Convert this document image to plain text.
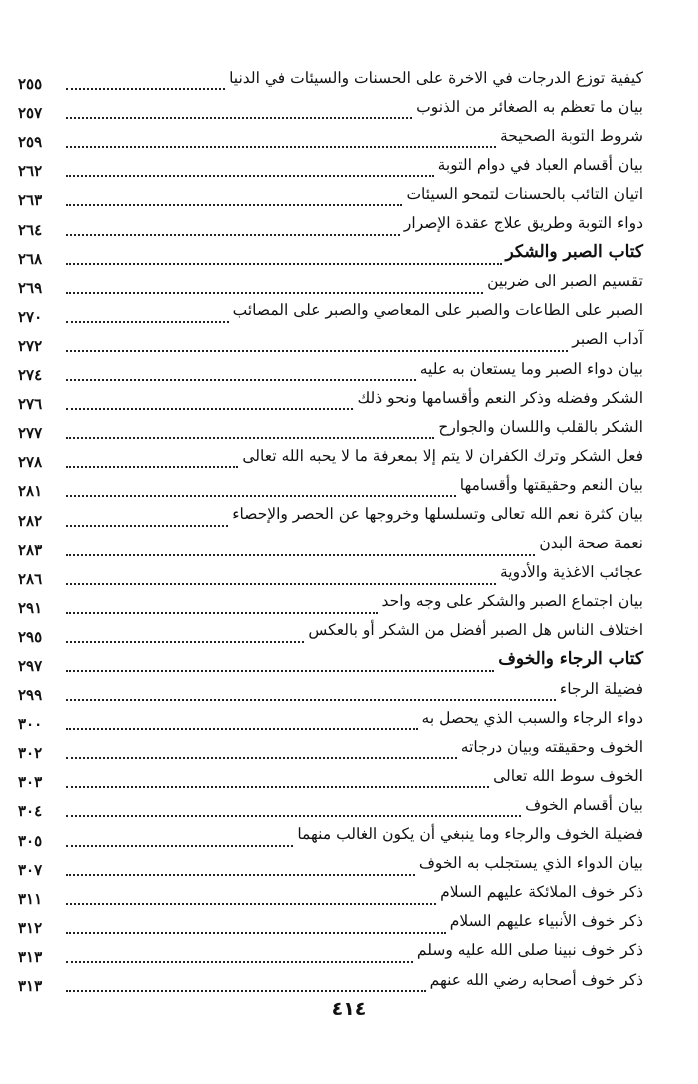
كيفية توزع الدرجات في الاخرة على الحسنات والسيئات في الدنيا
٢٥٥
بيان ما تعظم به الصغائر من الذنوب
٢٥٧
شروط التوبة الصحيحة
٢٥٩
بيان أقسام العباد في دوام التوبة
٢٦٢
اتيان التائب بالحسنات لتمحو السيئات
٢٦٣
دواء التوبة وطريق علاج عقدة الإصرار
٢٦٤
كتاب الصبر والشكر
٢٦٨
تقسيم الصبر الى ضربين
٢٦٩
الصبر على الطاعات والصبر على المعاصي والصبر على المصائب
٢٧٠
آداب الصبر
٢٧٢
بيان دواء الصبر وما يستعان به عليه
٢٧٤
الشكر وفضله وذكر النعم وأقسامها ونحو ذلك
٢٧٦
الشكر بالقلب واللسان والجوارح
٢٧٧
فعل الشكر وترك الكفران لا يتم إلا بمعرفة ما لا يحبه الله تعالى
٢٧٨
بيان النعم وحقيقتها وأقسامها
٢٨١
بيان كثرة نعم الله تعالى وتسلسلها وخروجها عن الحصر والإحصاء
٢٨٢
نعمة صحة البدن
٢٨٣
عجائب الاغذية والأدوية
٢٨٦
بيان اجتماع الصبر والشكر على وجه واحد
٢٩١
اختلاف الناس هل الصبر أفضل من الشكر أو بالعكس
٢٩٥
كتاب الرجاء والخوف
٢٩٧
فضيلة الرجاء
٢٩٩
دواء الرجاء والسبب الذي يحصل به
٣٠٠
الخوف وحقيقته وبيان درجاته
٣٠٢
الخوف سوط الله تعالى
٣٠٣
بيان أقسام الخوف
٣٠٤
فضيلة الخوف والرجاء وما ينبغي أن يكون الغالب منهما
٣٠٥
بيان الدواء الذي يستجلب به الخوف
٣٠٧
ذكر خوف الملائكة عليهم السلام
٣١١
ذكر خوف الأنبياء عليهم السلام
٣١٢
ذكر خوف نبينا صلى الله عليه وسلم
٣١٣
ذكر خوف أصحابه رضي الله عنهم
٣١٣
٤١٤
